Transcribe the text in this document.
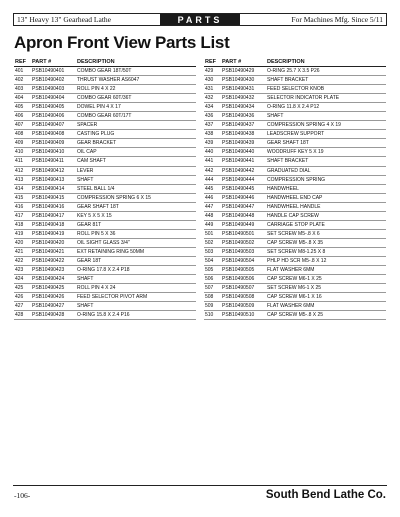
13" Heavy 13" Gearhead Lathe	PARTS	For Machines Mfg. Since 5/11
Apron Front View Parts List
REF	PART #	DESCRIPTION
401	PSB10490401	COMBO GEAR 18T/50T
402	PSB10490402	THRUST WASHER AS6047
403	PSB10490403	ROLL PIN 4 X 22
404	PSB10490404	COMBO GEAR 60T/36T
405	PSB10490405	DOWEL PIN 4 X 17
406	PSB10490406	COMBO GEAR 60T/17T
407	PSB10490407	SPACER
408	PSB10490408	CASTING PLUG
409	PSB10490409	GEAR BRACKET
410	PSB10490410	OIL CAP
411	PSB10490411	CAM SHAFT
412	PSB10490412	LEVER
413	PSB10490413	SHAFT
414	PSB10490414	STEEL BALL 1/4
415	PSB10490415	COMPRESSION SPRING 6 X 15
416	PSB10490416	GEAR SHAFT 18T
417	PSB10490417	KEY 5 X 5 X 15
418	PSB10490418	GEAR 81T
419	PSB10490419	ROLL PIN 5 X 36
420	PSB10490420	OIL SIGHT GLASS 3/4"
421	PSB10490421	EXT RETAINING RING 50MM
422	PSB10490422	GEAR 18T
423	PSB10490423	O-RING 17.8 X 2.4 P18
424	PSB10490424	SHAFT
425	PSB10490425	ROLL PIN 4 X 24
426	PSB10490426	FEED SELECTOR PIVOT ARM
427	PSB10490427	SHAFT
428	PSB10490428	O-RING 15.8 X 2.4 P16
REF	PART #	DESCRIPTION
429	PSB10490429	O-RING 25.7 X 3.5 P26
430	PSB10490430	SHAFT BRACKET
431	PSB10490431	FEED SELECTOR KNOB
432	PSB10490432	SELECTOR INDICATOR PLATE
434	PSB10490434	O-RING 11.8 X 2.4 P12
436	PSB10490436	SHAFT
437	PSB10490437	COMPRESSION SPRING 4 X 19
438	PSB10490438	LEADSCREW SUPPORT
439	PSB10490439	GEAR SHAFT 18T
440	PSB10490440	WOODRUFF KEY 5 X 19
441	PSB10490441	SHAFT BRACKET
442	PSB10490442	GRADUATED DIAL
444	PSB10490444	COMPRESSION SPRING
445	PSB10490445	HANDWHEEL
446	PSB10490446	HANDWHEEL END CAP
447	PSB10490447	HANDWHEEL HANDLE
448	PSB10490448	HANDLE CAP SCREW
449	PSB10490449	CARRIAGE STOP PLATE
501	PSB10490501	SET SCREW M5-.8 X 6
502	PSB10490502	CAP SCREW M5-.8 X 35
503	PSB10490503	SET SCREW M8-1.25 X 8
504	PSB10490504	PHLP HD SCR M5-.8 X 12
505	PSB10490505	FLAT WASHER 6MM
506	PSB10490506	CAP SCREW M6-1 X 25
507	PSB10490507	SET SCREW M6-1 X 25
508	PSB10490508	CAP SCREW M6-1 X 16
509	PSB10490509	FLAT WASHER 6MM
510	PSB10490510	CAP SCREW M5-.8 X 25
-106-	South Bend Lathe Co.
